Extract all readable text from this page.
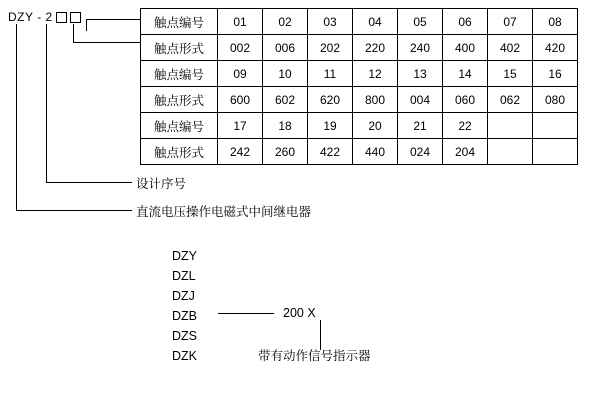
DZY - 2	触点编号	01	02	03	04	05	06	07	08
触点形式	002	006	202	220	240	400	402	420
触点编号	09	10	11	12	13	14	15	16
触点形式	600	602	620	800	004	060	062	080
触点编号	17	18	19	20	21	22		
触点形式	242	260	422	440	024	204		
设计序号
直流电压操作电磁式中间继电器
DZY
DZL
DZJ
DZB
DZS
DZK
200 X
带有动作信号指示器
